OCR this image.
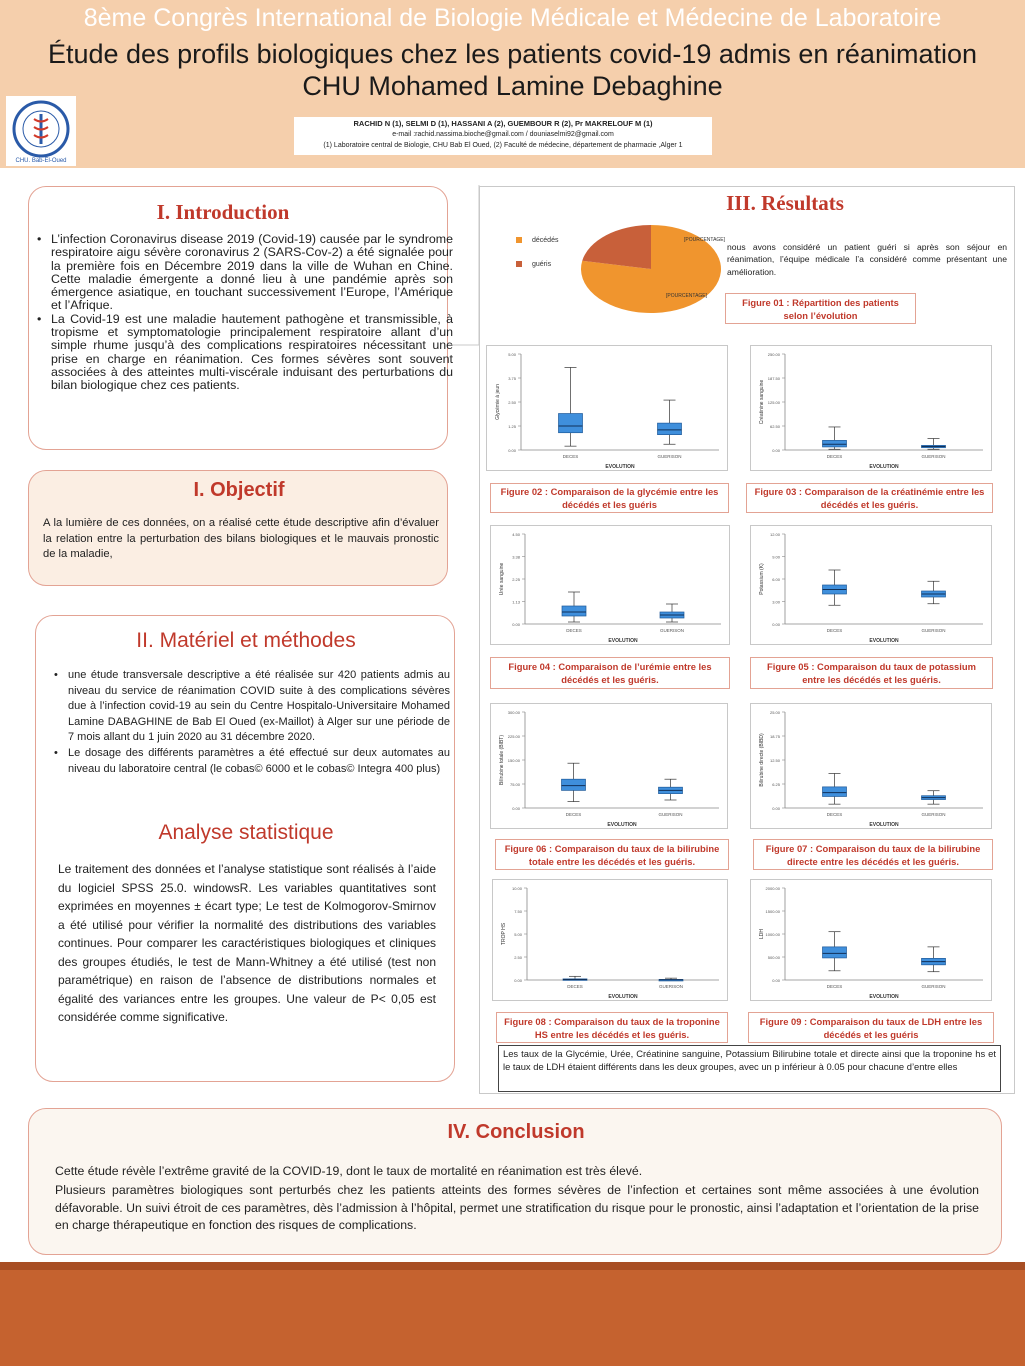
8ème Congrès International de Biologie Médicale et Médecine de Laboratoire
Étude des profils biologiques chez les patients covid-19 admis en réanimation
CHU Mohamed Lamine Debaghine
CHU. Bab-El-Oued
RACHID N (1), SELMI D (1), HASSANI A (2), GUEMBOUR R (2), Pr MAKRELOUF M (1)
e-mail :rachid.nassima.bioche@gmail.com / douniaselmi92@gmail.com
(1) Laboratoire central de Biologie, CHU Bab El Oued, (2) Faculté de médecine, département de pharmacie ,Alger 1
I. Introduction
• L’infection Coronavirus disease 2019 (Covid-19) causée par le syndrome respiratoire aigu sévère coronavirus 2 (SARS-Cov-2) a été signalée pour la première fois en Décembre 2019 dans la ville de Wuhan en Chine. Cette maladie émergente a donné lieu à une pandémie après son émergence asiatique, en touchant successivement l’Europe, l’Amérique et l’Afrique.
• La Covid-19 est une maladie hautement pathogène et transmissible, à tropisme et symptomatologie principalement respiratoire allant d’un simple rhume jusqu’à des complications respiratoires nécessitant une prise en charge en réanimation. Ces formes sévères sont souvent associées à des atteintes multi-viscérale induisant des perturbations du bilan biologique chez ces patients.
I. Objectif

A la lumière de ces données, on a réalisé cette étude descriptive afin d’évaluer la relation entre la perturbation des bilans biologiques et le mauvais pronostic de la maladie,

II. Matériel et méthodes
• une étude transversale descriptive a été réalisée sur 420 patients admis au niveau du service de réanimation COVID suite à des complications sévères due à l’infection covid-19 au sein du Centre Hospitalo-Universitaire Mohamed Lamine DABAGHINE de Bab El Oued (ex-Maillot) à Alger sur une période de 7 mois allant du 1 juin 2020 au 31 décembre 2020.
• Le dosage des différents paramètres a été effectué sur deux automates au niveau du laboratoire central (le cobas© 6000 et le cobas© Integra 400 plus)
Analyse statistique

Le traitement des données et l’analyse statistique sont réalisés à l’aide du logiciel SPSS 25.0. windowsR. Les variables quantitatives sont exprimées en moyennes ± écart type; Le test de Kolmogorov-Smirnov a été utilisé pour vérifier la normalité des distributions des variables continues. Pour comparer les caractéristiques biologiques et cliniques des groupes étudiés, le test de Mann-Whitney a été utilisé (test non paramétrique) en raison de l’absence de distributions normales et égalité des variances entre les groupes. Une valeur de P< 0,05 est considérée comme significative.

III. Résultats
[POURCENTAGE]
[POURCENTAGE]
décédés
guéris
nous avons considéré un patient guéri si après son séjour en réanimation, l’équipe médicale l’a considéré comme présentant une amélioration.
Figure 01 : Répartition des patients selon l’évolution
0.00
1.25
2.50
3.75
5.00
Glycémie à jeun
EVOLUTION
DECES	GUERISON
0.00
62.50
125.00
187.50
250.00
Créatinine sanguine
EVOLUTION
DECES	GUERISON
Figure 02 : Comparaison de la glycémie entre les décédés et les guéris
Figure 03 : Comparaison de la créatinémie entre les décédés et les guéris.
0.00
1.13
2.25
3.38
4.50
Urée sanguine
EVOLUTION
DECES	GUERISON
0.00
3.00
6.00
9.00
12.00
Potassium (K)
EVOLUTION
DECES	GUERISON
Figure 04 : Comparaison de l’urémie entre les décédés et les guéris.
Figure 05 : Comparaison du taux de potassium entre les décédés et les guéris.
0.00
75.00
150.00
225.00
300.00
Bilirubine totale (BIBT)
EVOLUTION
DECES	GUERISON
0.00
6.25
12.50
18.75
25.00
Bilirubine directe (BIBD)
EVOLUTION
DECES	GUERISON
Figure 06 : Comparaison du taux de la bilirubine totale entre les décédés et les guéris.
Figure 07 : Comparaison du taux de la bilirubine directe entre les décédés et les guéris.
0.00
2.50
5.00
7.50
10.00
TROP HS
EVOLUTION
DECES	GUERISON
0.00
500.00
1000.00
1500.00
2000.00
LDH
EVOLUTION
DECES	GUERISON
Figure 08 : Comparaison du taux de la troponine HS entre les décédés et les guéris.
Figure 09 : Comparaison du taux de LDH entre les décédés et les guéris
Les taux de la Glycémie, Urée, Créatinine sanguine, Potassium Bilirubine totale et directe ainsi que la troponine hs et le taux de LDH étaient différents dans les deux groupes, avec un p inférieur à 0.05 pour chacune d’entre elles
IV. Conclusion

Cette étude révèle l’extrême gravité de la COVID-19, dont le taux de mortalité en réanimation est très élevé.

Plusieurs paramètres biologiques sont perturbés chez les patients atteints des formes sévères de l’infection et certaines sont même associées à une évolution défavorable. Un suivi étroit de ces paramètres, dès l’admission à l’hôpital, permet une stratification du risque pour le pronostic, ainsi l’adaptation et l’orientation de la prise en charge thérapeutique en fonction des risques de complications.
